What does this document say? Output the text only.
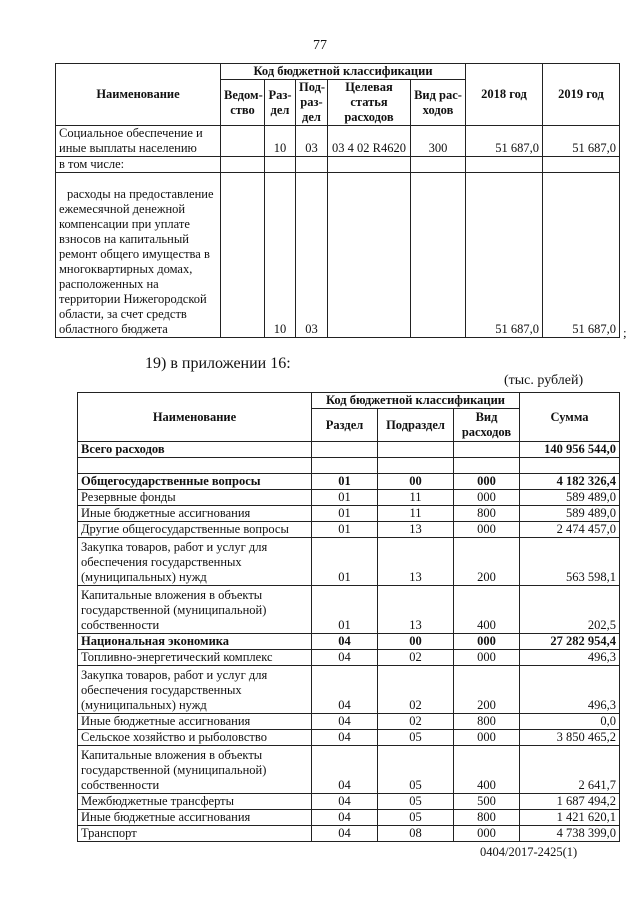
77
Наименование	Код бюджетной классификации					2018 год	2019 год
	Ведом-ство	Раз-дел	Под-раз-дел	Целевая статья расходов	Вид рас-ходов		
Социальное обеспечение и иные выплаты населению		10	03	03 4 02 R4620	300	51 687,0	51 687,0
в том числе:							
расходы на предоставление ежемесячной денежной компенсации при уплате взносов на капитальный ремонт общего имущества в многоквартирных домах, расположенных на территории Нижегородской области, за счет средств областного бюджета		10	03			51 687,0	51 687,0 ;
19) в приложении 16:
(тыс. рублей)
Наименование	Код бюджетной классификации			Сумма
	Раздел	Подраздел	Вид расходов	
Всего расходов				140 956 544,0

Общегосударственные вопросы	01	00	000	4 182 326,4
Резервные фонды	01	11	000	589 489,0
Иные бюджетные ассигнования	01	11	800	589 489,0
Другие общегосударственные вопросы	01	13	000	2 474 457,0
Закупка товаров, работ и услуг для обеспечения государственных (муниципальных) нужд	01	13	200	563 598,1
Капитальные вложения в объекты государственной (муниципальной) собственности	01	13	400	202,5
Национальная экономика	04	00	000	27 282 954,4
Топливно-энергетический комплекс	04	02	000	496,3
Закупка товаров, работ и услуг для обеспечения государственных (муниципальных) нужд	04	02	200	496,3
Иные бюджетные ассигнования	04	02	800	0,0
Сельское хозяйство и рыболовство	04	05	000	3 850 465,2
Капитальные вложения в объекты государственной (муниципальной) собственности	04	05	400	2 641,7
Межбюджетные трансферты	04	05	500	1 687 494,2
Иные бюджетные ассигнования	04	05	800	1 421 620,1
Транспорт	04	08	000	4 738 399,0
0404/2017-2425(1)
